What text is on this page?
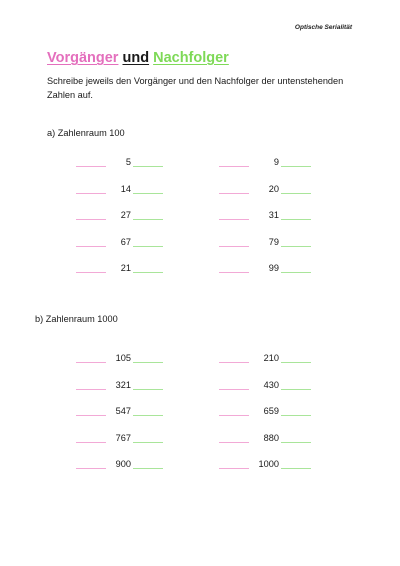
Optische Serialität
Vorgänger und Nachfolger
Schreibe jeweils den Vorgänger und den Nachfolger der untenstehenden Zahlen auf.
a) Zahlenraum 100
5
14
27
67
21
9
20
31
79
99
b) Zahlenraum 1000
105
321
547
767
900
210
430
659
880
1000
